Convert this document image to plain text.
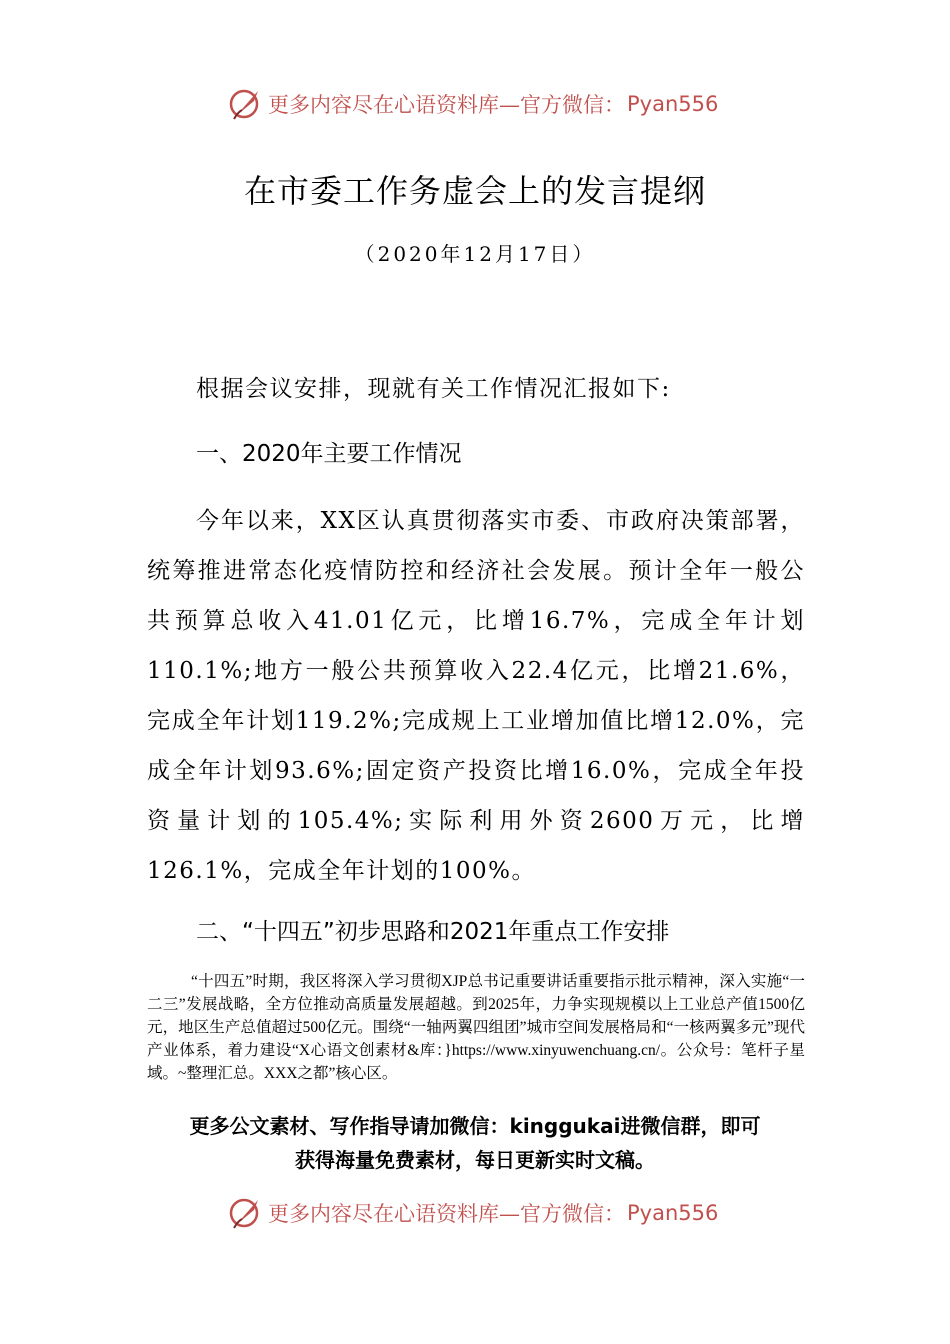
更多内容尽在心语资料库—官方微信： Pyan556
在市委工作务虚会上的发言提纲
（2020年12月17日）
根据会议安排，现就有关工作情况汇报如下:
一、2020年主要工作情况
今年以来，XX区认真贯彻落实市委、市政府决策部署，统筹推进常态化疫情防控和经济社会发展。预计全年一般公共预算总收入41.01亿元，比增16.7%，完成全年计划110.1%;地方一般公共预算收入22.4亿元，比增21.6%，完成全年计划119.2%;完成规上工业增加值比增12.0%，完成全年计划93.6%;固定资产投资比增16.0%，完成全年投资量计划的105.4%;实际利用外资2600万元，比增126.1%，完成全年计划的100%。
二、“十四五”初步思路和2021年重点工作安排
“十四五”时期，我区将深入学习贯彻XJP总书记重要讲话重要指示批示精神，深入实施“一二三”发展战略，全方位推动高质量发展超越。到2025年，力争实现规模以上工业总产值1500亿元，地区生产总值超过500亿元。围绕“一轴两翼四组团”城市空间发展格局和“一核两翼多元”现代产业体系，着力建设“X心语文创素材&库：}https://www.xinyuwenchuang.cn/。公众号：笔杆子星域。~整理汇总。XXX之都”核心区。
更多公文素材、写作指导请加微信：kinggukai进微信群，即可
获得海量免费素材，每日更新实时文稿。
更多内容尽在心语资料库—官方微信： Pyan556
